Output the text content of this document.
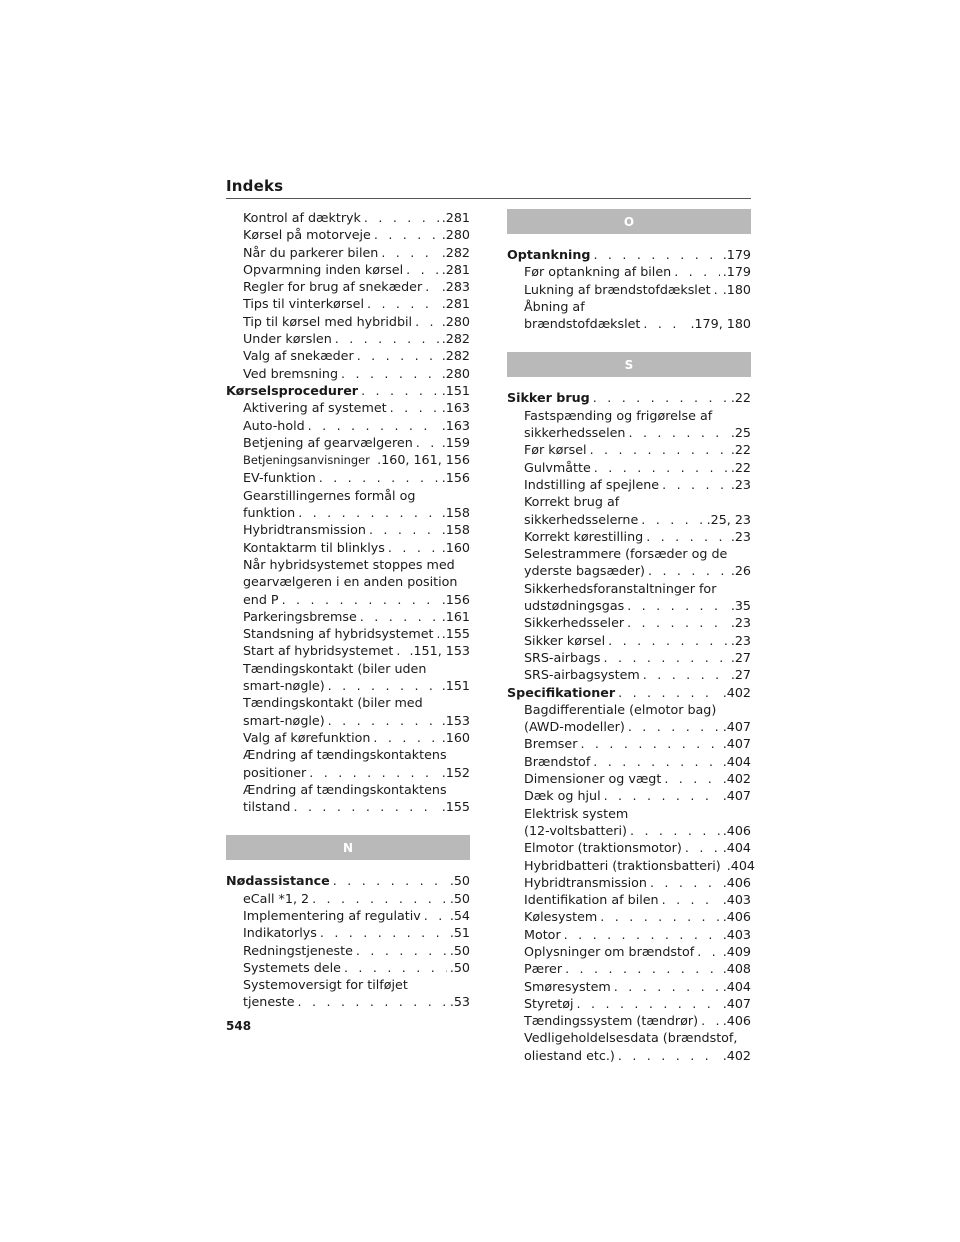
Indeks
Kontrol af dæktryk . . .	.281
Kørsel på motorveje . . .	.280
Når du parkerer bilen . . .	.282
Opvarmning inden kørsel . . .	.281
Regler for brug af snekæder . . . .283
Tips til vinterkørsel . . .	.281
Tip til kørsel med hybridbil . . . .280
Under kørslen . . .	.282
Valg af snekæder . . .	.282
Ved bremsning . . .	.280
Kørselsprocedurer . . .	.151
Aktivering af systemet . . .	.163
Auto-hold . . .	.163
Betjening af gearvælgeren . . . .159
Betjeningsanvisninger . . . .160, 161, 156
EV-funktion . . .	.156
Gearstillingernes formål og
funktion . . .	.158
Hybridtransmission . . .	.158
Kontaktarm til blinklys . . .	.160
Når hybridsystemet stoppes med
gearvælgeren i en anden position
end P . . .	.156
Parkeringsbremse . . .	.161
Standsning af hybridsystemet . . . .155
Start af hybridsystemet . . . .151, 153
Tændingskontakt (biler uden
smart-nøgle) . . .	.151
Tændingskontakt (biler med
smart-nøgle) . . .	.153
Valg af kørefunktion . . .	.160
Ændring af tændingskontaktens
positioner . . .	.152
Ændring af tændingskontaktens
tilstand . . .	.155
N
Nødassistance . . .	.50
eCall *1, 2 . . .	.50
Implementering af regulativ . . . .54
Indikatorlys . . .	.51
Redningstjeneste . . .	.50
Systemets dele . . .	.50
Systemoversigt for tilføjet
tjeneste . . .	.53
O
Optankning . . .	.179
Før optankning af bilen . . .	.179
Lukning af brændstofdækslet . . . .180
Åbning af
brændstofdækslet . . .	.179, 180
S
Sikker brug . . .	.22
Fastspænding og frigørelse af
sikkerhedsselen . . .	.25
Før kørsel . . .	.22
Gulvmåtte . . .	.22
Indstilling af spejlene . . .	.23
Korrekt brug af
sikkerhedsselerne . . .	.25, 23
Korrekt kørestilling . . .	.23
Selestrammere (forsæder og de
yderste bagsæder) . . .	.26
Sikkerhedsforanstaltninger for
udstødningsgas . . .	.35
Sikkerhedsseler . . .	.23
Sikker kørsel . . .	.23
SRS-airbags . . .	.27
SRS-airbagsystem . . .	.27
Specifikationer . . .	.402
Bagdifferentiale (elmotor bag)
(AWD-modeller) . . .	.407
Bremser . . .	.407
Brændstof . . .	.404
Dimensioner og vægt . . .	.402
Dæk og hjul . . .	.407
Elektrisk system
(12-voltsbatteri) . . .	.406
Elmotor (traktionsmotor) . . .	.404
Hybridbatteri (traktionsbatteri) .404
Hybridtransmission . . .	.406
Identifikation af bilen . . .	.403
Kølesystem . . .	.406
Motor . . .	.403
Oplysninger om brændstof . . . .409
Pærer . . .	.408
Smøresystem . . .	.404
Styretøj . . .	.407
Tændingssystem (tændrør) . . . .406
Vedligeholdelsesdata (brændstof,
oliestand etc.) . . .	.402
548
